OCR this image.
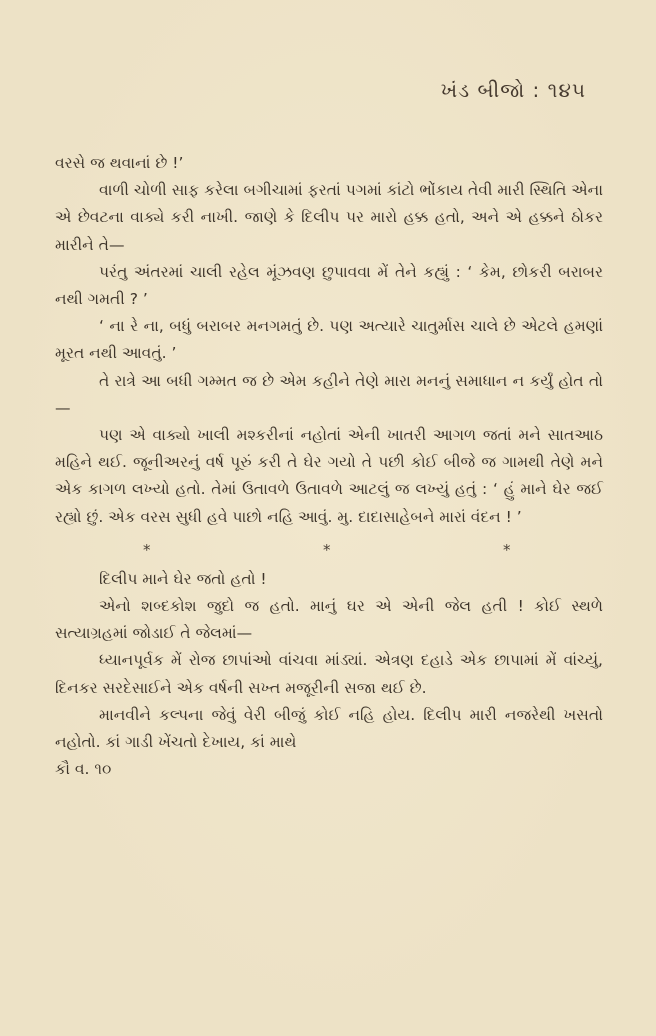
ખંડ બીજો : ૧૪૫

વરસે જ થવાનાં છે !’

વાળી ચોળી સાફ કરેલા બગીચામાં ફરતાં પગમાં કાંટો ભોંકાય તેવી મારી સ્થિતિ એના એ છેવટના વાક્યે કરી નાખી. જાણે કે દિલીપ પર મારો હક્ક હતો, અને એ હક્કને ઠોકર મારીને તે—

પરંતુ અંતરમાં ચાલી રહેલ મૂંઝવણ છુપાવવા મેં તેને કહ્યું : ‘ કેમ, છોકરી બરાબર નથી ગમતી ? ’

‘ ના રે ના, બધું બરાબર મનગમતું છે. પણ અત્યારે ચાતુર્માસ ચાલે છે એટલે હમણાં મૂરત નથી આવતું. ’

તે રાત્રે આ બધી ગમ્મત જ છે એમ કહીને તેણે મારા મનનું સમાધાન ન કર્યું હોત તો—

પણ એ વાક્યો ખાલી મશ્કરીનાં નહોતાં એની ખાતરી આગળ જતાં મને સાતઆઠ મહિને થઈ. જૂનીઅરનું વર્ષ પૂરું કરી તે ઘેર ગયો તે પછી કોઈ બીજે જ ગામથી તેણે મને એક કાગળ લખ્યો હતો. તેમાં ઉતાવળે ઉતાવળે આટલું જ લખ્યું હતું : ‘ હું માને ઘેર જઈ રહ્યો છું. એક વરસ સુધી હવે પાછો નહિ આવું. મુ. દાદાસાહેબને મારાં વંદન ! ’

*	*	*

દિલીપ માને ઘેર જતો હતો !

એનો શબ્દકોશ જુદો જ હતો. માનું ઘર એ એની જેલ હતી ! કોઈ સ્થળે સત્યાગ્રહમાં જોડાઈ તે જેલમાં—

ધ્યાનપૂર્વક મેં રોજ છાપાંઓ વાંચવા માંડ્યાં. એત્રણ દહાડે એક છાપામાં મેં વાંચ્યું, દિનકર સરદેસાઈને એક વર્ષની સખ્ત મજૂરીની સજા થઈ છે.

માનવીને કલ્પના જેવું વેરી બીજું કોઈ નહિ હોય. દિલીપ મારી નજરેથી ખસતો નહોતો. કાં ગાડી ખેંચતો દેખાય, કાં માથે

કૌ વ. ૧૦
